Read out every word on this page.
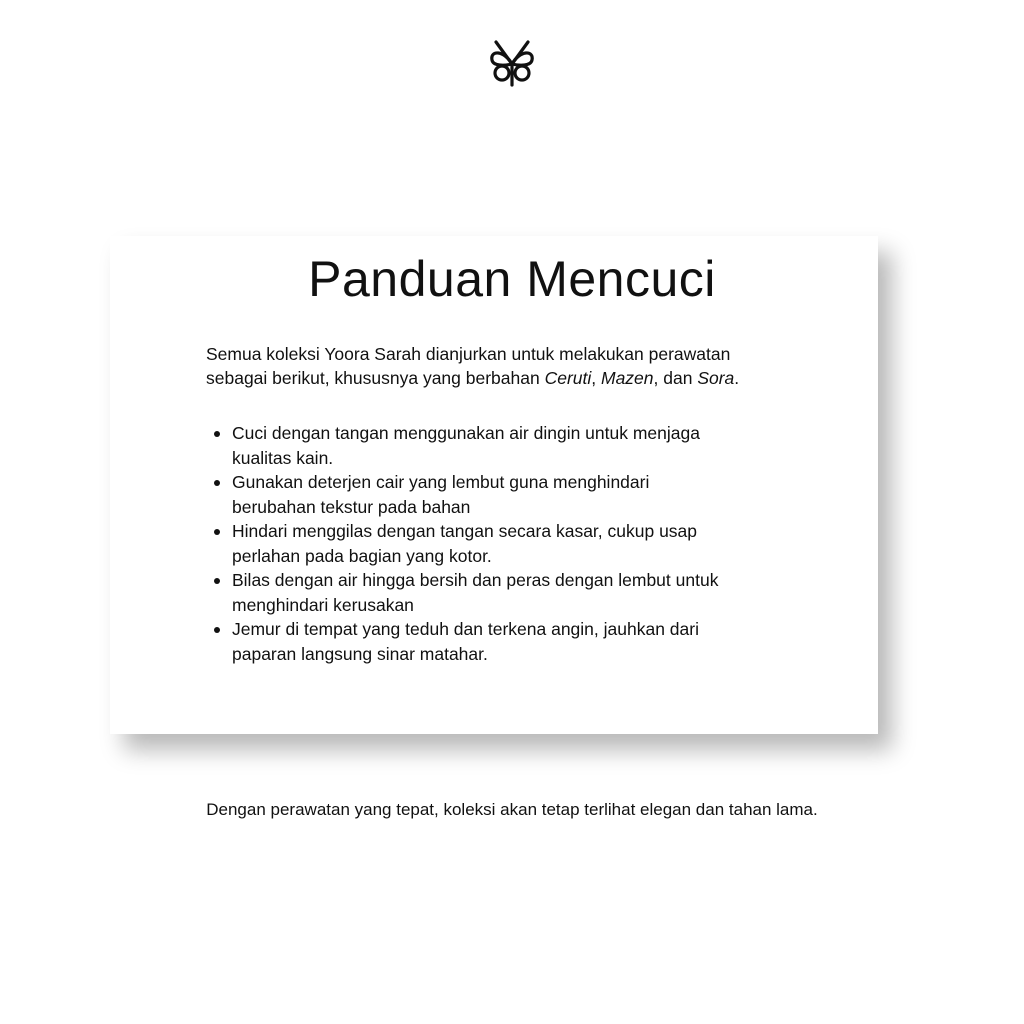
Panduan Mencuci
Semua koleksi Yoora Sarah dianjurkan untuk melakukan perawatan
sebagai berikut, khususnya yang berbahan Ceruti, Mazen, dan Sora.
Cuci dengan tangan menggunakan air dingin untuk menjaga
kualitas kain.
Gunakan deterjen cair yang lembut guna menghindari
berubahan tekstur pada bahan
Hindari menggilas dengan tangan secara kasar, cukup usap
perlahan pada bagian yang kotor.
Bilas dengan air hingga bersih dan peras dengan lembut untuk
menghindari kerusakan
Jemur di tempat yang teduh dan terkena angin, jauhkan dari
paparan langsung sinar matahar.
Dengan perawatan yang tepat, koleksi akan tetap terlihat elegan dan tahan lama.
